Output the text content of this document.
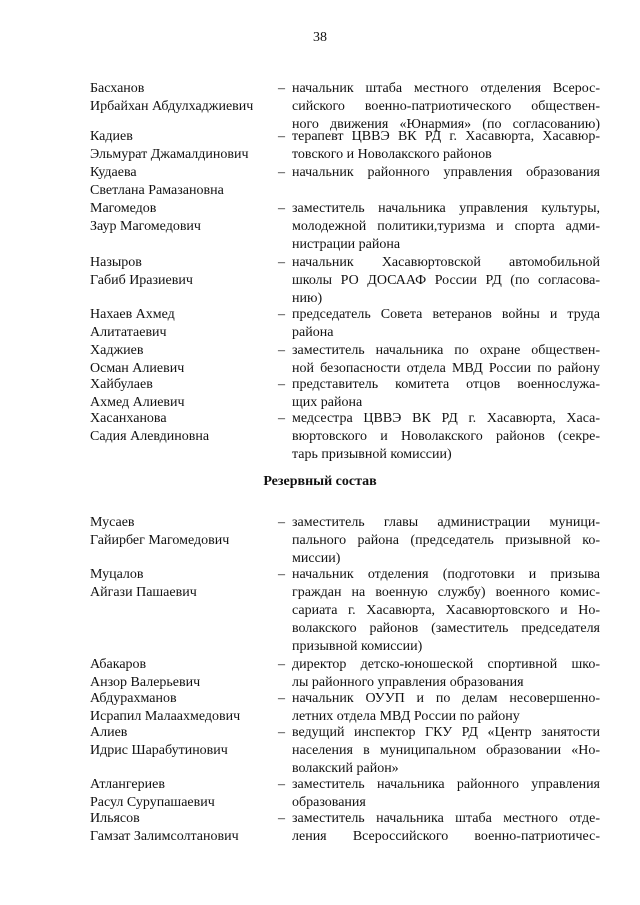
38
Басханов
Ирбайхан Абдулхаджиевич
– начальник штаба местного отделения Всерос-
сийского военно-патриотического обществен-
ного движения «Юнармия» (по согласованию)
Кадиев
Эльмурат Джамалдинович
– терапевт ЦВВЭ ВК РД г. Хасавюрта, Хасавюр-
товского и Новолакского районов
Кудаева
Светлана Рамазановна
– начальник районного управления образования
Магомедов
Заур Магомедович
– заместитель начальника управления культуры,
молодежной политики,туризма и спорта адми-
нистрации района
Назыров
Габиб Иразиевич
– начальник Хасавюртовской автомобильной
школы РО ДОСААФ России РД (по согласова-
нию)
Нахаев Ахмед
Алитатаевич
– председатель Совета ветеранов войны и труда
района
Хаджиев
Осман Алиевич
– заместитель начальника по охране обществен-
ной безопасности отдела МВД России по району
Хайбулаев
Ахмед Алиевич
– представитель комитета отцов военнослужа-
щих района
Хасанханова
Садия Алевдиновна
– медсестра ЦВВЭ ВК РД г. Хасавюрта, Хаса-
вюртовского и Новолакского районов (секре-
тарь призывной комиссии)
Резервный состав
Мусаев
Гайирбег Магомедович
– заместитель главы администрации муници-
пального района (председатель призывной ко-
миссии)
Муцалов
Айгази Пашаевич
– начальник отделения (подготовки и призыва
граждан на военную службу) военного комис-
сариата г. Хасавюрта, Хасавюртовского и Но-
волакского районов (заместитель председателя
призывной комиссии)
Абакаров
Анзор Валерьевич
– директор детско-юношеской спортивной шко-
лы районного управления образования
Абдурахманов
Исрапил Малаахмедович
– начальник ОУУП и по делам несовершенно-
летних отдела МВД России по району
Алиев
Идрис Шарабутинович
– ведущий инспектор ГКУ РД «Центр занятости
населения в муниципальном образовании «Но-
волакский район»
Атлангериев
Расул Сурупашаевич
– заместитель начальника районного управления
образования
Ильясов
Гамзат Залимсолтанович
– заместитель начальника штаба местного отде-
ления Всероссийского военно-патриотичес-
